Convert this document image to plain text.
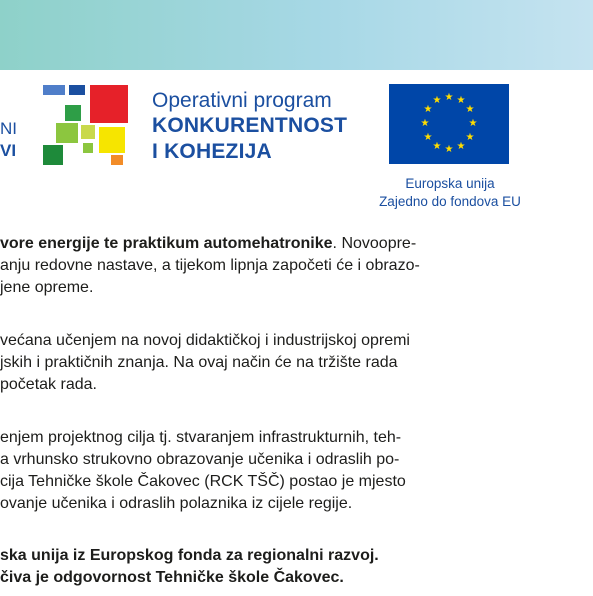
NI
VI
Operativni program
KONKURENTNOST
I KOHEZIJA
★ ★
★
★
★
★
★
★
★
★
★
★
Europska unija
Zajedno do fondova EU
vore energije te praktikum automehatronike. Novoopre-
anju redovne nastave, a tijekom lipnja započeti će i obrazo-
jene opreme.
većana učenjem na novoj didaktičkoj i industrijskoj opremi
jskih i praktičnih znanja. Na ovaj način će na tržište rada
početak rada.
enjem projektnog cilja tj. stvaranjem infrastrukturnih, teh-
a vrhunsko strukovno obrazovanje učenika i odraslih po-
cija Tehničke škole Čakovec (RCK TŠČ) postao je mjesto
ovanje učenika i odraslih polaznika iz cijele regije.
ska unija iz Europskog fonda za regionalni razvoj.
čiva je odgovornost Tehničke škole Čakovec.
